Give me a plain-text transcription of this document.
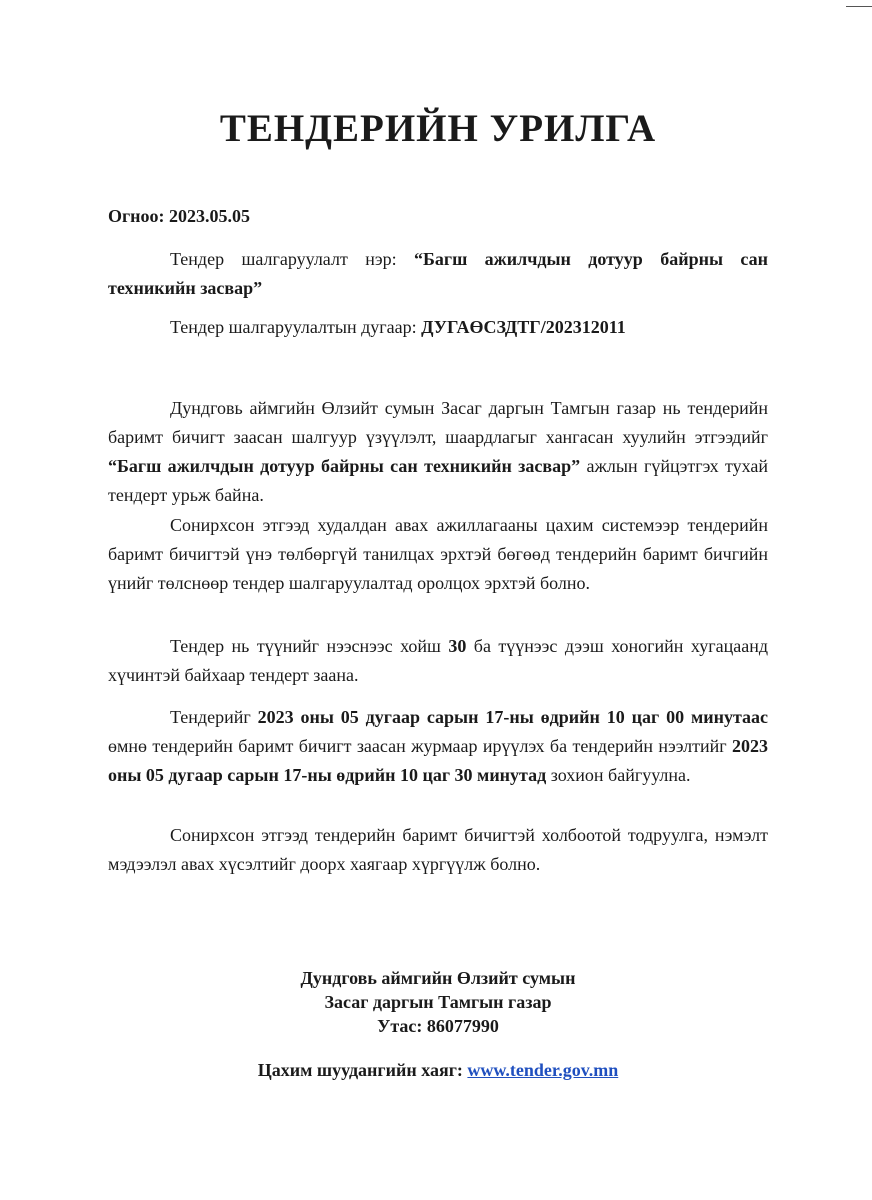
ТЕНДЕРИЙН УРИЛГА

Огноо: 2023.05.05

Тендер шалгаруулалт нэр: “Багш ажилчдын дотуур байрны сан техникийн засвар”

Тендер шалгаруулалтын дугаар: ДУГАӨСЗДТГ/202312011

Дундговь аймгийн Өлзийт сумын Засаг даргын Тамгын газар нь тендерийн баримт бичигт заасан шалгуур үзүүлэлт, шаардлагыг хангасан хуулийн этгээдийг “Багш ажилчдын дотуур байрны сан техникийн засвар” ажлын гүйцэтгэх тухай тендерт урьж байна.

Сонирхсон этгээд худалдан авах ажиллагааны цахим системээр тендерийн баримт бичигтэй үнэ төлбөргүй танилцах эрхтэй бөгөөд тендерийн баримт бичгийн үнийг төлснөөр тендер шалгаруулалтад оролцох эрхтэй болно.

Тендер нь түүнийг нээснээс хойш 30 ба түүнээс дээш хоногийн хугацаанд хүчинтэй байхаар тендерт заана.

Тендерийг 2023 оны 05 дугаар сарын 17-ны өдрийн 10 цаг 00 минутаас өмнө тендерийн баримт бичигт заасан журмаар ирүүлэх ба тендерийн нээлтийг 2023 оны 05 дугаар сарын 17-ны өдрийн 10 цаг 30 минутад зохион байгуулна.

Сонирхсон этгээд тендерийн баримт бичигтэй холбоотой тодруулга, нэмэлт мэдээлэл авах хүсэлтийг доорх хаягаар хүргүүлж болно.

Дундговь аймгийн Өлзийт сумын
Засаг даргын Тамгын газар
Утас: 86077990
Цахим шуудангийн хаяг: www.tender.gov.mn
